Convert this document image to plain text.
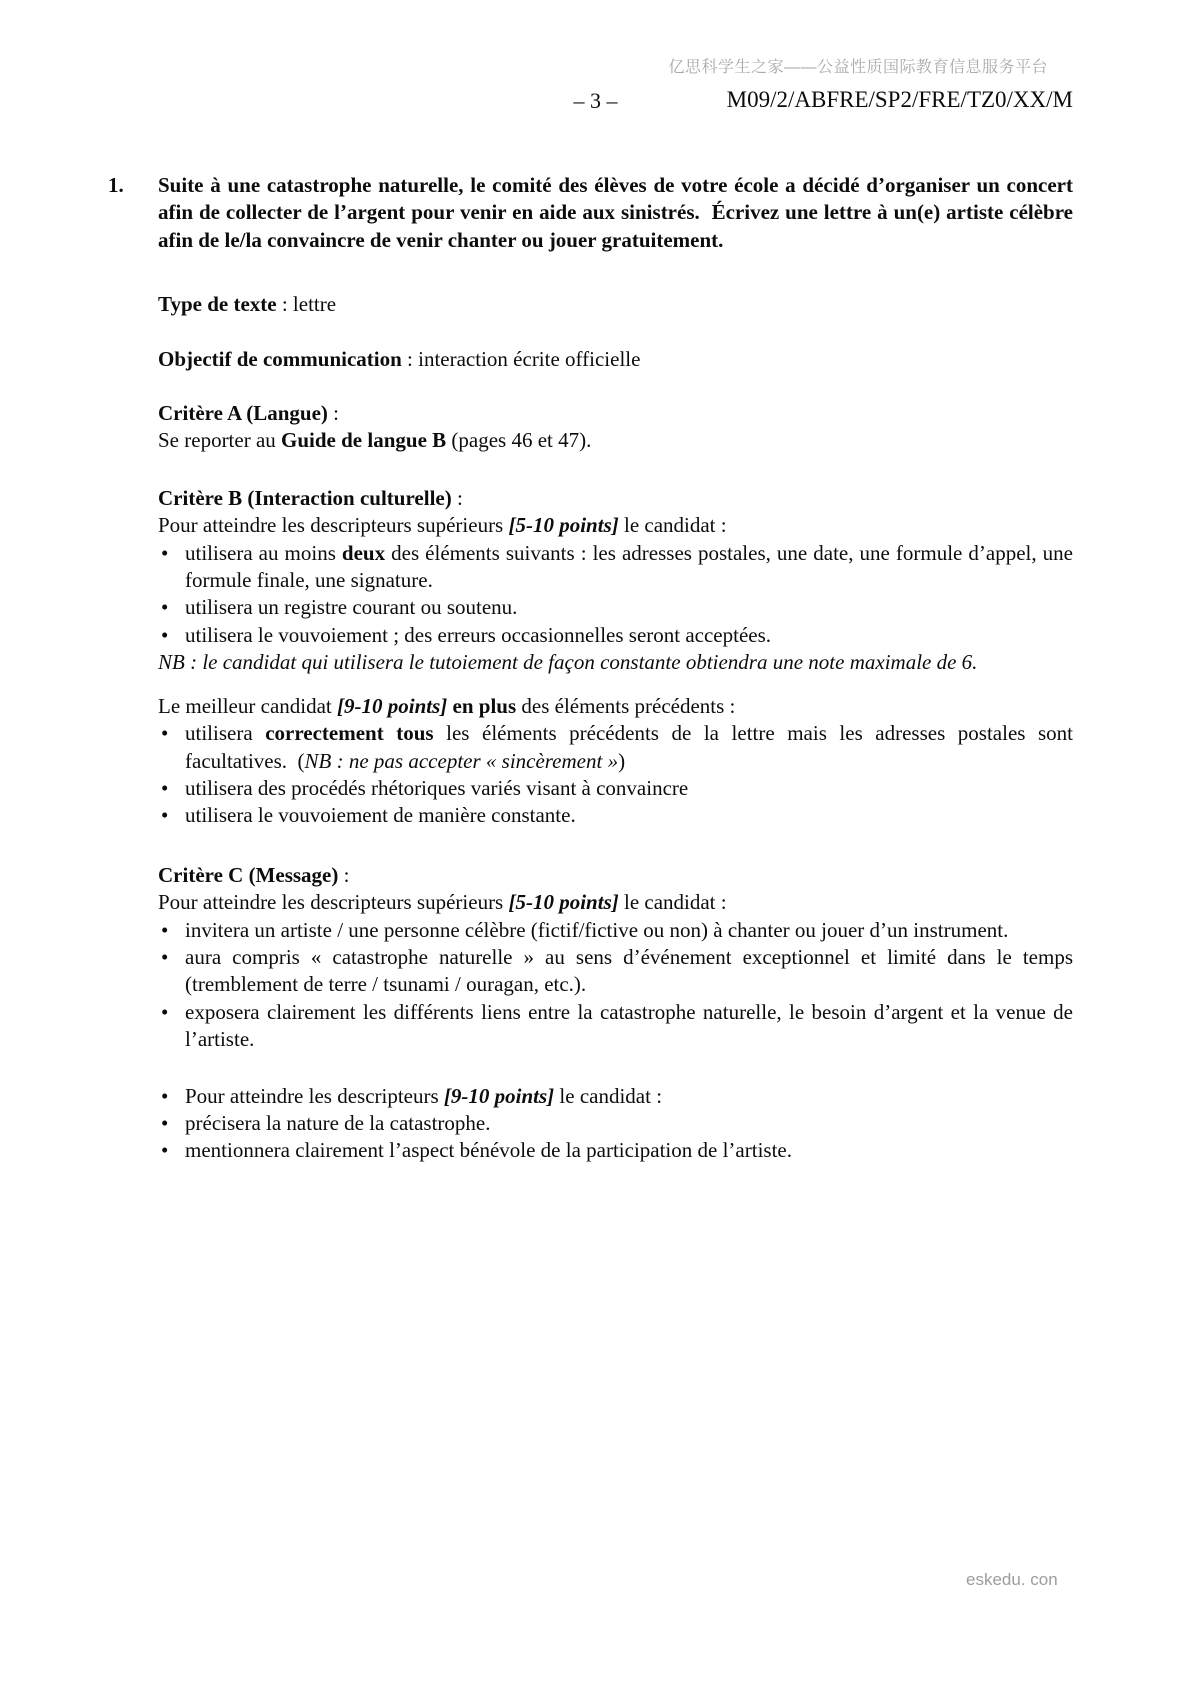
亿思科学生之家——公益性质国际教育信息服务平台
– 3 –	M09/2/ABFRE/SP2/FRE/TZ0/XX/M
1. Suite à une catastrophe naturelle, le comité des élèves de votre école a décidé d’organiser un concert afin de collecter de l’argent pour venir en aide aux sinistrés.  Écrivez une lettre à un(e) artiste célèbre afin de le/la convaincre de venir chanter ou jouer gratuitement.
Type de texte : lettre
Objectif de communication : interaction écrite officielle
Critère A (Langue) :
Se reporter au Guide de langue B (pages 46 et 47).
Critère B (Interaction culturelle) :
Pour atteindre les descripteurs supérieurs [5-10 points] le candidat :
• utilisera au moins deux des éléments suivants : les adresses postales, une date, une formule d’appel, une formule finale, une signature.
• utilisera un registre courant ou soutenu.
• utilisera le vouvoiement ; des erreurs occasionnelles seront acceptées.
NB : le candidat qui utilisera le tutoiement de façon constante obtiendra une note maximale de 6.
Le meilleur candidat [9-10 points] en plus des éléments précédents :
• utilisera correctement tous les éléments précédents de la lettre mais les adresses postales sont facultatives.  (NB : ne pas accepter « sincèrement »)
• utilisera des procédés rhétoriques variés visant à convaincre
• utilisera le vouvoiement de manière constante.
Critère C (Message) :
Pour atteindre les descripteurs supérieurs [5-10 points] le candidat :
• invitera un artiste / une personne célèbre (fictif/fictive ou non) à chanter ou jouer d’un instrument.
• aura compris « catastrophe naturelle » au sens d’événement exceptionnel et limité dans le temps (tremblement de terre / tsunami / ouragan, etc.).
• exposera clairement les différents liens entre la catastrophe naturelle, le besoin d’argent et la venue de l’artiste.
• Pour atteindre les descripteurs [9-10 points] le candidat :
• précisera la nature de la catastrophe.
• mentionnera clairement l’aspect bénévole de la participation de l’artiste.
eskedu. con
